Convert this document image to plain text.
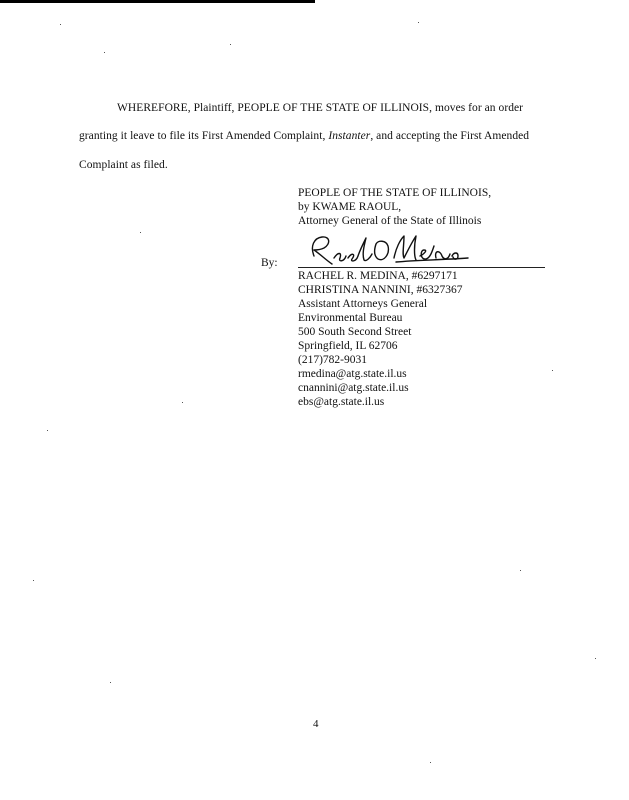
WHEREFORE, Plaintiff, PEOPLE OF THE STATE OF ILLINOIS, moves for an order
granting it leave to file its First Amended Complaint, Instanter, and accepting the First Amended
Complaint as filed.
PEOPLE OF THE STATE OF ILLINOIS,
by KWAME RAOUL,
Attorney General of the State of Illinois
By:
RACHEL R. MEDINA, #6297171
CHRISTINA NANNINI, #6327367
Assistant Attorneys General
Environmental Bureau
500 South Second Street
Springfield, IL 62706
(217)782-9031
rmedina@atg.state.il.us
cnannini@atg.state.il.us
ebs@atg.state.il.us
4
